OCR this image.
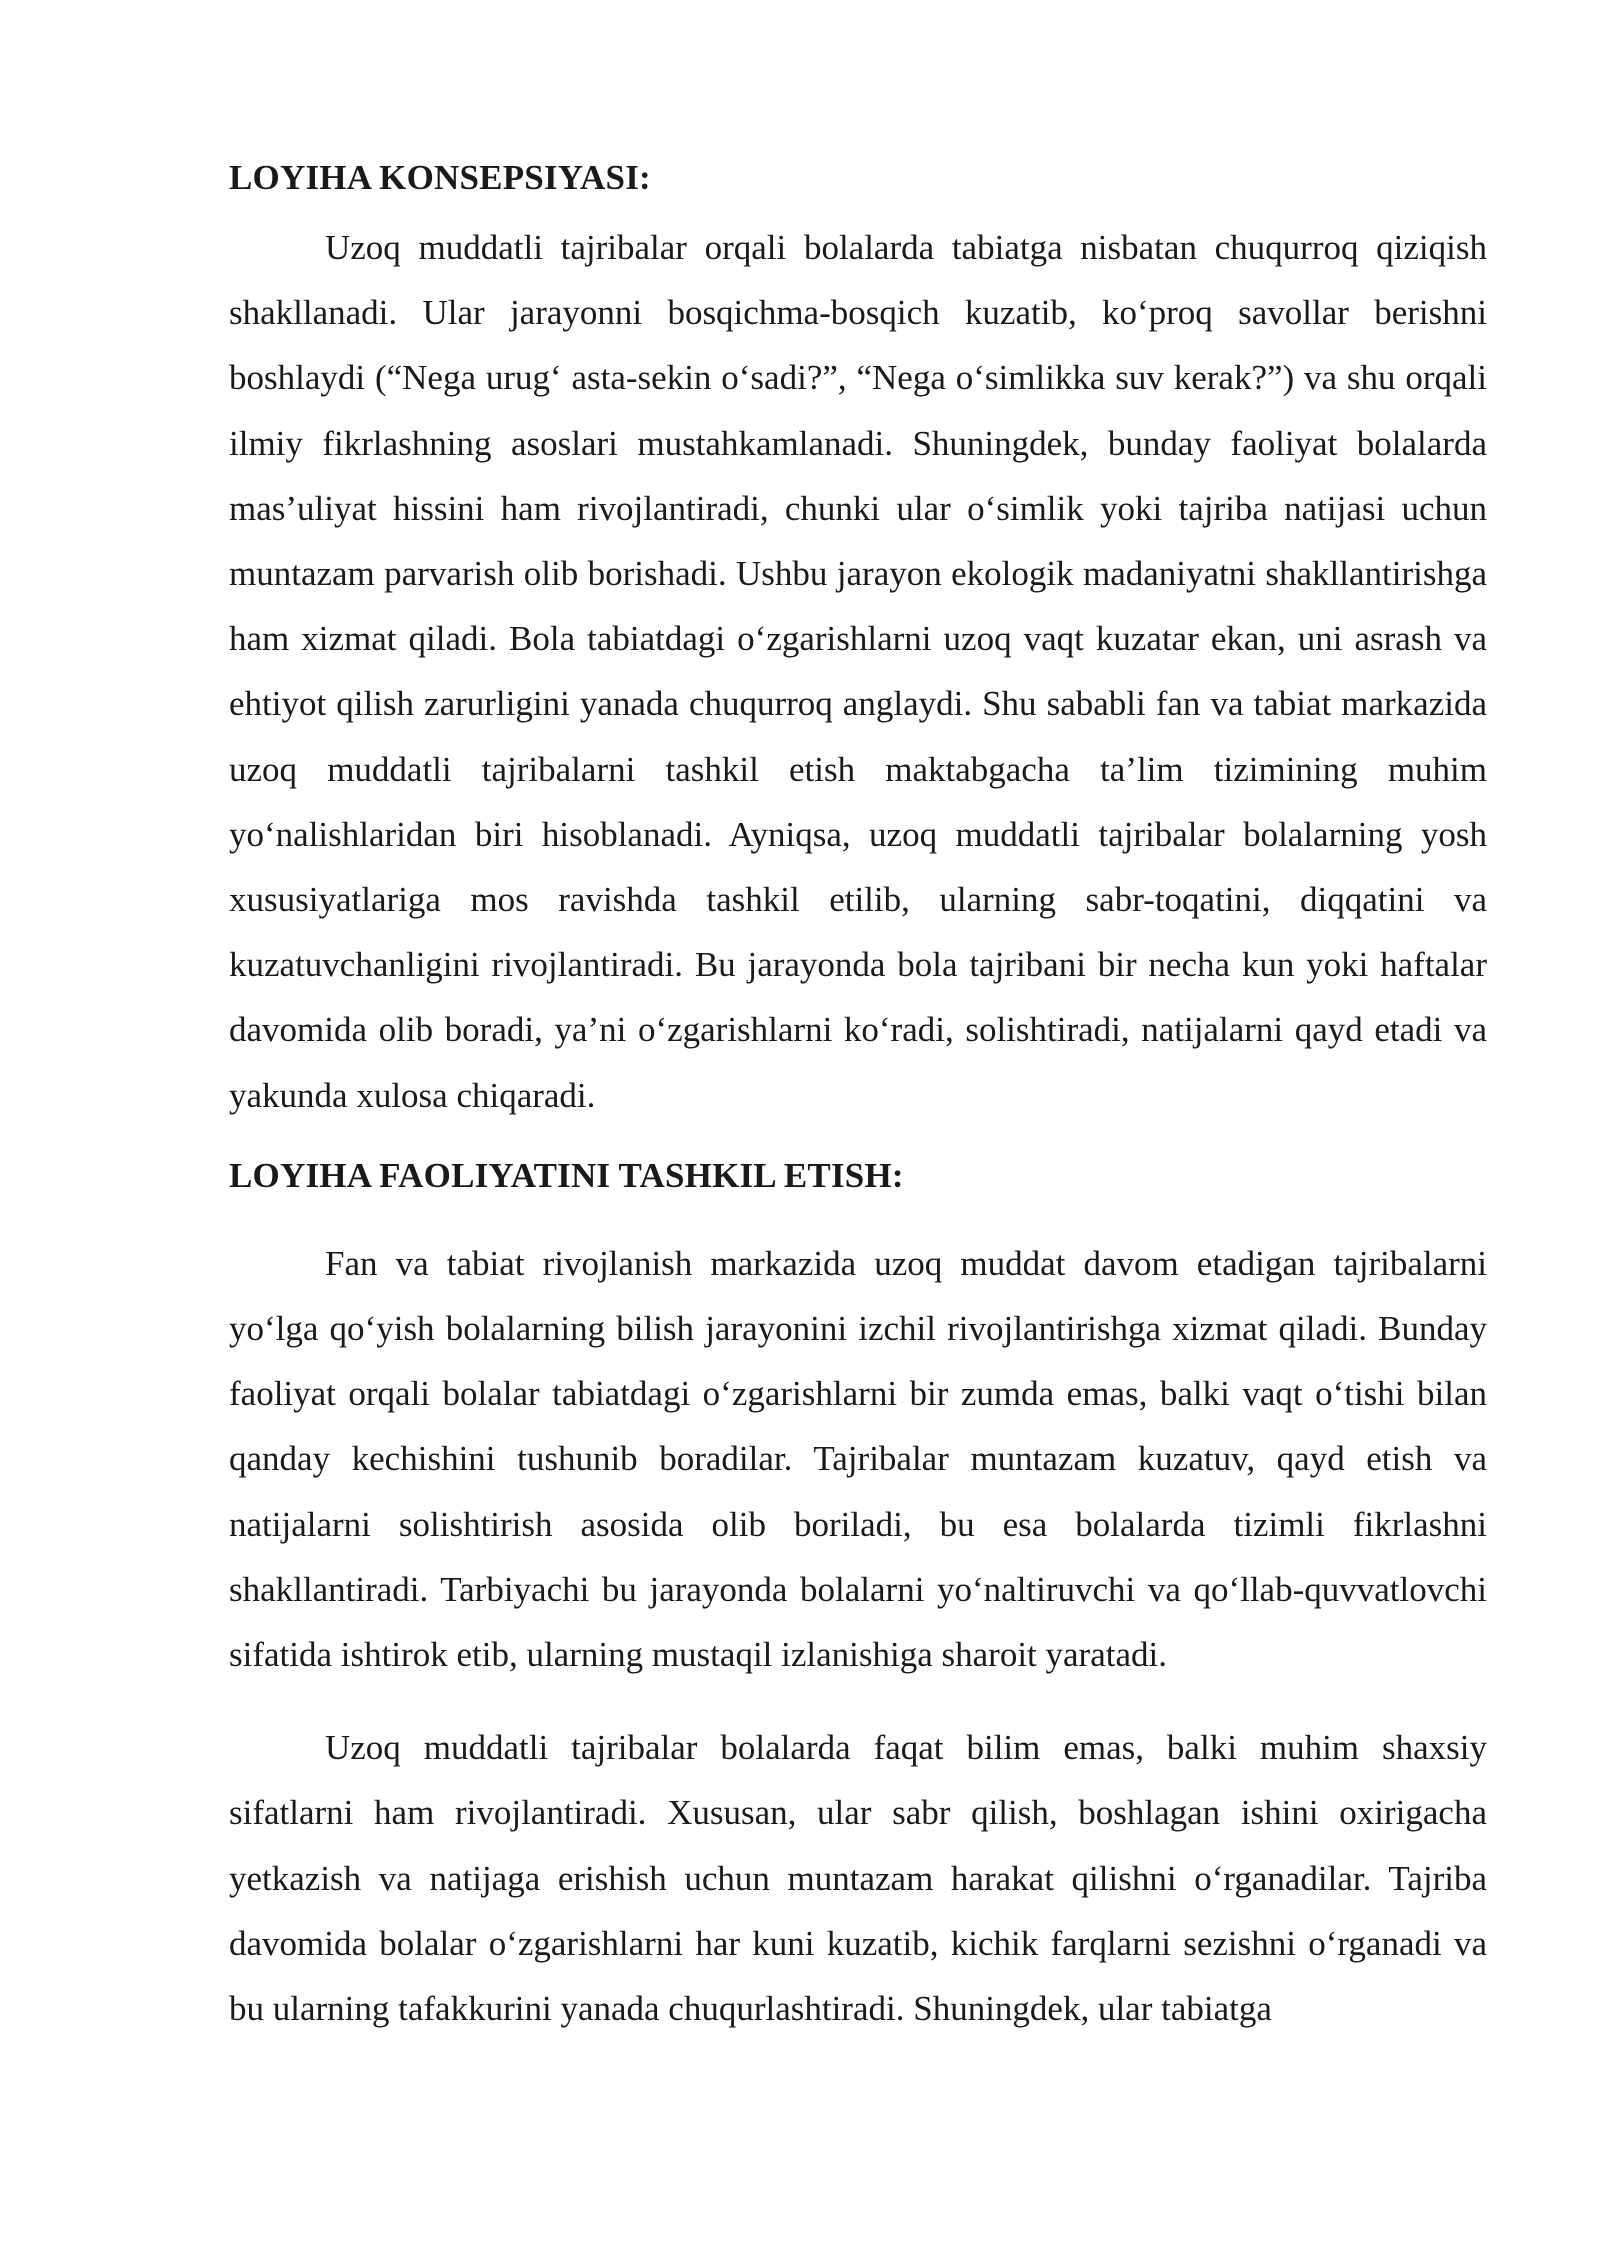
LOYIHA KONSEPSIYASI:

Uzoq muddatli tajribalar orqali bolalarda tabiatga nisbatan chuqurroq qiziqish shakllanadi. Ular jarayonni bosqichma-bosqich kuzatib, ko‘proq savollar berishni boshlaydi (“Nega urug‘ asta-sekin o‘sadi?”, “Nega o‘simlikka suv kerak?”) va shu orqali ilmiy fikrlashning asoslari mustahkamlanadi. Shuningdek, bunday faoliyat bolalarda mas’uliyat hissini ham rivojlantiradi, chunki ular o‘simlik yoki tajriba natijasi uchun muntazam parvarish olib borishadi. Ushbu jarayon ekologik madaniyatni shakllantirishga ham xizmat qiladi. Bola tabiatdagi o‘zgarishlarni uzoq vaqt kuzatar ekan, uni asrash va ehtiyot qilish zarurligini yanada chuqurroq anglaydi. Shu sababli fan va tabiat markazida uzoq muddatli tajribalarni tashkil etish maktabgacha ta’lim tizimining muhim yo‘nalishlaridan biri hisoblanadi. Ayniqsa, uzoq muddatli tajribalar bolalarning yosh xususiyatlariga mos ravishda tashkil etilib, ularning sabr-toqatini, diqqatini va kuzatuvchanligini rivojlantiradi. Bu jarayonda bola tajribani bir necha kun yoki haftalar davomida olib boradi, ya’ni o‘zgarishlarni ko‘radi, solishtiradi, natijalarni qayd etadi va yakunda xulosa chiqaradi.

LOYIHA FAOLIYATINI TASHKIL ETISH:

Fan va tabiat rivojlanish markazida uzoq muddat davom etadigan tajribalarni yo‘lga qo‘yish bolalarning bilish jarayonini izchil rivojlantirishga xizmat qiladi. Bunday faoliyat orqali bolalar tabiatdagi o‘zgarishlarni bir zumda emas, balki vaqt o‘tishi bilan qanday kechishini tushunib boradilar. Tajribalar muntazam kuzatuv, qayd etish va natijalarni solishtirish asosida olib boriladi, bu esa bolalarda tizimli fikrlashni shakllantiradi. Tarbiyachi bu jarayonda bolalarni yo‘naltiruvchi va qo‘llab-quvvatlovchi sifatida ishtirok etib, ularning mustaqil izlanishiga sharoit yaratadi.

Uzoq muddatli tajribalar bolalarda faqat bilim emas, balki muhim shaxsiy sifatlarni ham rivojlantiradi. Xususan, ular sabr qilish, boshlagan ishini oxirigacha yetkazish va natijaga erishish uchun muntazam harakat qilishni o‘rganadilar. Tajriba davomida bolalar o‘zgarishlarni har kuni kuzatib, kichik farqlarni sezishni o‘rganadi va bu ularning tafakkurini yanada chuqurlashtiradi. Shuningdek, ular tabiatga
